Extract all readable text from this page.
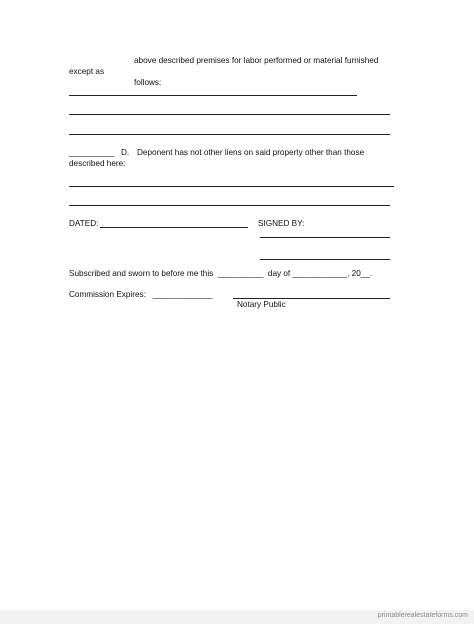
above described premises for labor performed or material furnished
except as
follows:
__________ D. Deponent has not other liens on said property other than those
described here:
DATED:	SIGNED BY:
Subscribed and sworn to before me this  __________  day of ____________, 20__.
Commission Expires: _____________
Notary Public
printablerealestateforms.com
